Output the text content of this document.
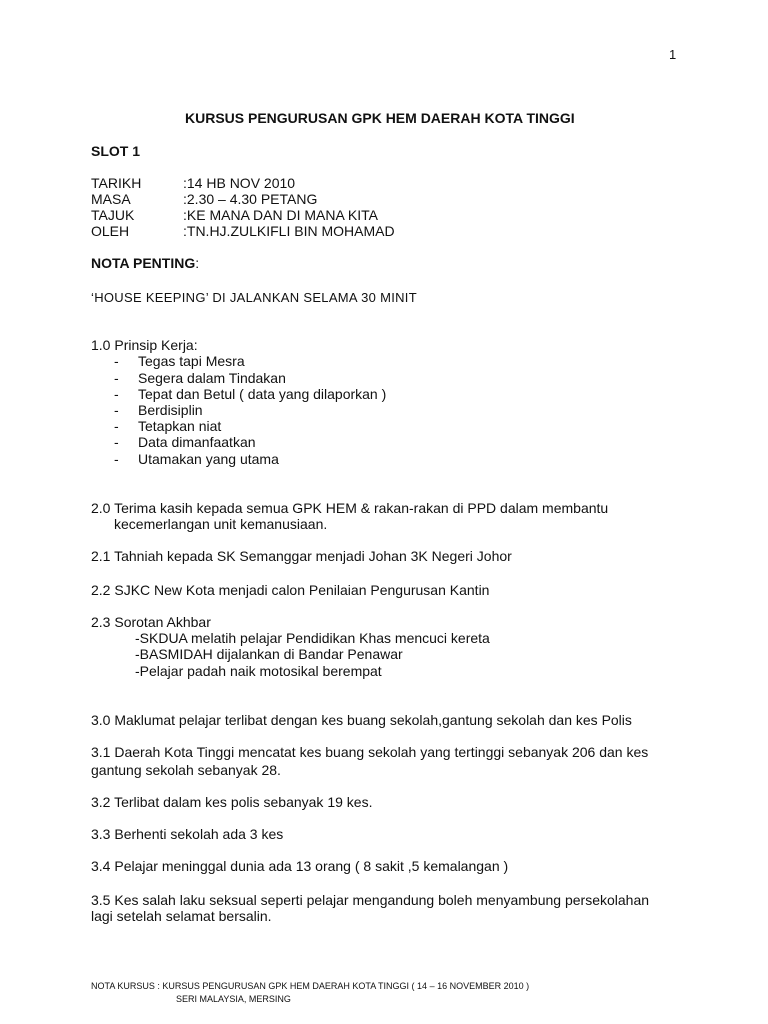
1
KURSUS PENGURUSAN GPK HEM DAERAH KOTA TINGGI
SLOT 1
TARIKH	:14 HB NOV 2010
MASA	:2.30 – 4.30 PETANG
TAJUK	:KE MANA DAN DI MANA KITA
OLEH	:TN.HJ.ZULKIFLI BIN MOHAMAD
NOTA PENTING:
‘HOUSE KEEPING’ DI JALANKAN SELAMA 30 MINIT
1.0 Prinsip Kerja:
- Tegas tapi Mesra
- Segera dalam Tindakan
- Tepat dan Betul ( data yang dilaporkan )
- Berdisiplin
- Tetapkan niat
- Data dimanfaatkan
- Utamakan yang utama
2.0 Terima kasih kepada semua GPK HEM & rakan-rakan di PPD dalam membantu
kecemerlangan unit kemanusiaan.
2.1 Tahniah kepada SK Semanggar menjadi Johan 3K Negeri Johor
2.2 SJKC New Kota menjadi calon Penilaian Pengurusan Kantin
2.3 Sorotan Akhbar
-SKDUA melatih pelajar Pendidikan Khas mencuci kereta
-BASMIDAH dijalankan di Bandar Penawar
-Pelajar padah naik motosikal berempat
3.0 Maklumat pelajar terlibat dengan kes buang sekolah,gantung sekolah dan kes Polis
3.1 Daerah Kota Tinggi mencatat kes buang sekolah yang tertinggi sebanyak 206 dan kes
gantung sekolah sebanyak 28.
3.2 Terlibat dalam kes polis sebanyak 19 kes.
3.3 Berhenti sekolah ada 3 kes
3.4 Pelajar meninggal dunia ada 13 orang ( 8 sakit ,5 kemalangan )
3.5 Kes salah laku seksual seperti pelajar mengandung boleh menyambung persekolahan
lagi setelah selamat bersalin.
NOTA KURSUS : KURSUS PENGURUSAN GPK HEM DAERAH KOTA TINGGI ( 14 – 16 NOVEMBER 2010 )
SERI MALAYSIA, MERSING
